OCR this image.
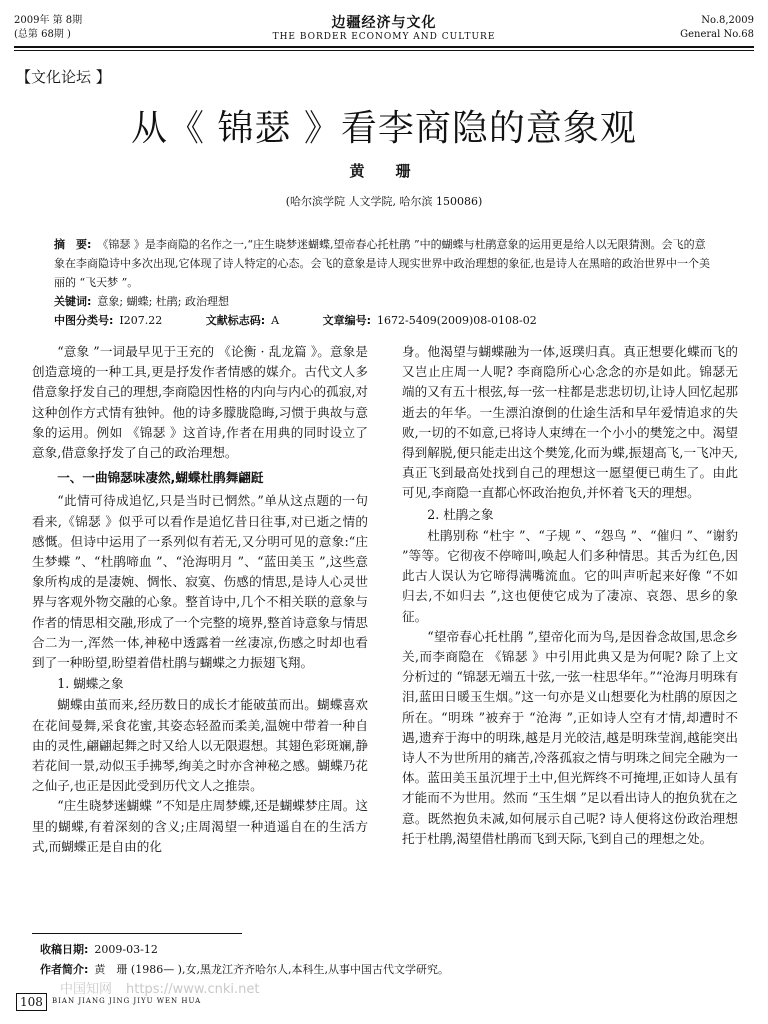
2009年 第 8期
(总第 68期 )
边疆经济与文化
THE BORDER ECONOMY AND CULTURE
No.8,2009
General No.68
【文化论坛 】
从《 锦瑟 》看李商隐的意象观
黄　珊
(哈尔滨学院 人文学院, 哈尔滨 150086)

摘　要: 《锦瑟 》是李商隐的名作之一,“庄生晓梦迷蝴蝶,望帝春心托杜鹃 ”中的蝴蝶与杜鹃意象的运用更是给人以无限猜测。会飞的意象在李商隐诗中多次出现,它体现了诗人特定的心态。会飞的意象是诗人现实世界中政治理想的象征,也是诗人在黑暗的政治世界中一个美丽的 “飞天梦 ”。

关键词: 意象; 蝴蝶; 杜鹃; 政治理想

中图分类号: I207.22	文献标志码: A	文章编号: 1672-5409(2009)08-0108-02

“意象 ”一词最早见于王充的 《论衡 · 乱龙篇 》。意象是创造意境的一种工具,更是抒发作者情感的媒介。古代文人多借意象抒发自己的理想,李商隐因性格的内向与内心的孤寂,对这种创作方式情有独钟。他的诗多朦胧隐晦,习惯于典故与意象的运用。例如 《锦瑟 》这首诗,作者在用典的同时设立了意象,借意象抒发了自己的政治理想。

一、一曲锦瑟味凄然,蝴蝶杜鹃舞翩跹

“此情可待成追忆,只是当时已惘然。”单从这点题的一句看来,《锦瑟 》似乎可以看作是追忆昔日往事,对已逝之情的感慨。但诗中运用了一系列似有若无,又分明可见的意象:“庄生梦蝶 ”、“杜鹃啼血 ”、“沧海明月 ”、“蓝田美玉 ”,这些意象所构成的是凄婉、惆怅、寂寞、伤感的情思,是诗人心灵世界与客观外物交融的心象。整首诗中,几个不相关联的意象与作者的情思相交融,形成了一个完整的境界,整首诗意象与情思合二为一,浑然一体,神秘中透露着一丝凄凉,伤感之时却也看到了一种盼望,盼望着借杜鹃与蝴蝶之力振翅飞翔。

1. 蝴蝶之象

蝴蝶由茧而来,经历数日的成长才能破茧而出。蝴蝶喜欢在花间曼舞,采食花蜜,其姿态轻盈而柔美,温婉中带着一种自由的灵性,翩翩起舞之时又给人以无限遐想。其翅色彩斑斓,静若花间一景,动似玉手拂琴,绚美之时亦含神秘之感。蝴蝶乃花之仙子,也正是因此受到历代文人之推崇。

“庄生晓梦迷蝴蝶 ”不知是庄周梦蝶,还是蝴蝶梦庄周。这里的蝴蝶,有着深刻的含义;庄周渴望一种逍遥自在的生活方式,而蝴蝶正是自由的化

身。他渴望与蝴蝶融为一体,返璞归真。真正想要化蝶而飞的又岂止庄周一人呢? 李商隐所心心念念的亦是如此。锦瑟无端的又有五十根弦,每一弦一柱都是悲悲切切,让诗人回忆起那逝去的年华。一生漂泊潦倒的仕途生活和早年爱情追求的失败,一切的不如意,已将诗人束缚在一个小小的樊笼之中。渴望得到解脱,便只能走出这个樊笼,化而为蝶,振翅高飞,一飞冲天,真正飞到最高处找到自己的理想这一愿望便已萌生了。由此可见,李商隐一直都心怀政治抱负,并怀着飞天的理想。

2. 杜鹃之象

杜鹃别称 “杜宇 ”、“子规 ”、“怨鸟 ”、“催归 ”、“谢豹 ”等等。它彻夜不停啼叫,唤起人们多种情思。其舌为红色,因此古人误认为它啼得满嘴流血。它的叫声听起来好像 “不如归去,不如归去 ”,这也便使它成为了凄凉、哀怨、思乡的象征。

“望帝春心托杜鹃 ”,望帝化而为鸟,是因眷念故国,思念乡关,而李商隐在 《锦瑟 》中引用此典又是为何呢? 除了上文分析过的 “锦瑟无端五十弦,一弦一柱思华年。”“沧海月明珠有泪,蓝田日暖玉生烟。”这一句亦是义山想要化为杜鹃的原因之所在。“明珠 ”被弃于 “沧海 ”,正如诗人空有才情,却遭时不遇,遗弃于海中的明珠,越是月光皎洁,越是明珠莹润,越能突出诗人不为世所用的痛苦,冷落孤寂之情与明珠之间完全融为一体。蓝田美玉虽沉埋于土中,但光辉终不可掩埋,正如诗人虽有才能而不为世用。然而 “玉生烟 ”足以看出诗人的抱负犹在之意。既然抱负未减,如何展示自己呢? 诗人便将这份政治理想托于杜鹃,渴望借杜鹃而飞到天际,飞到自己的理想之处。

收稿日期: 2009-03-12
作者简介: 黄　珊 (1986— ),女,黑龙江齐齐哈尔人,本科生,从事中国古代文学研究。
中国知网 https://www.cnki.net
108	BIAN JIANG JING JIYU WEN HUA
